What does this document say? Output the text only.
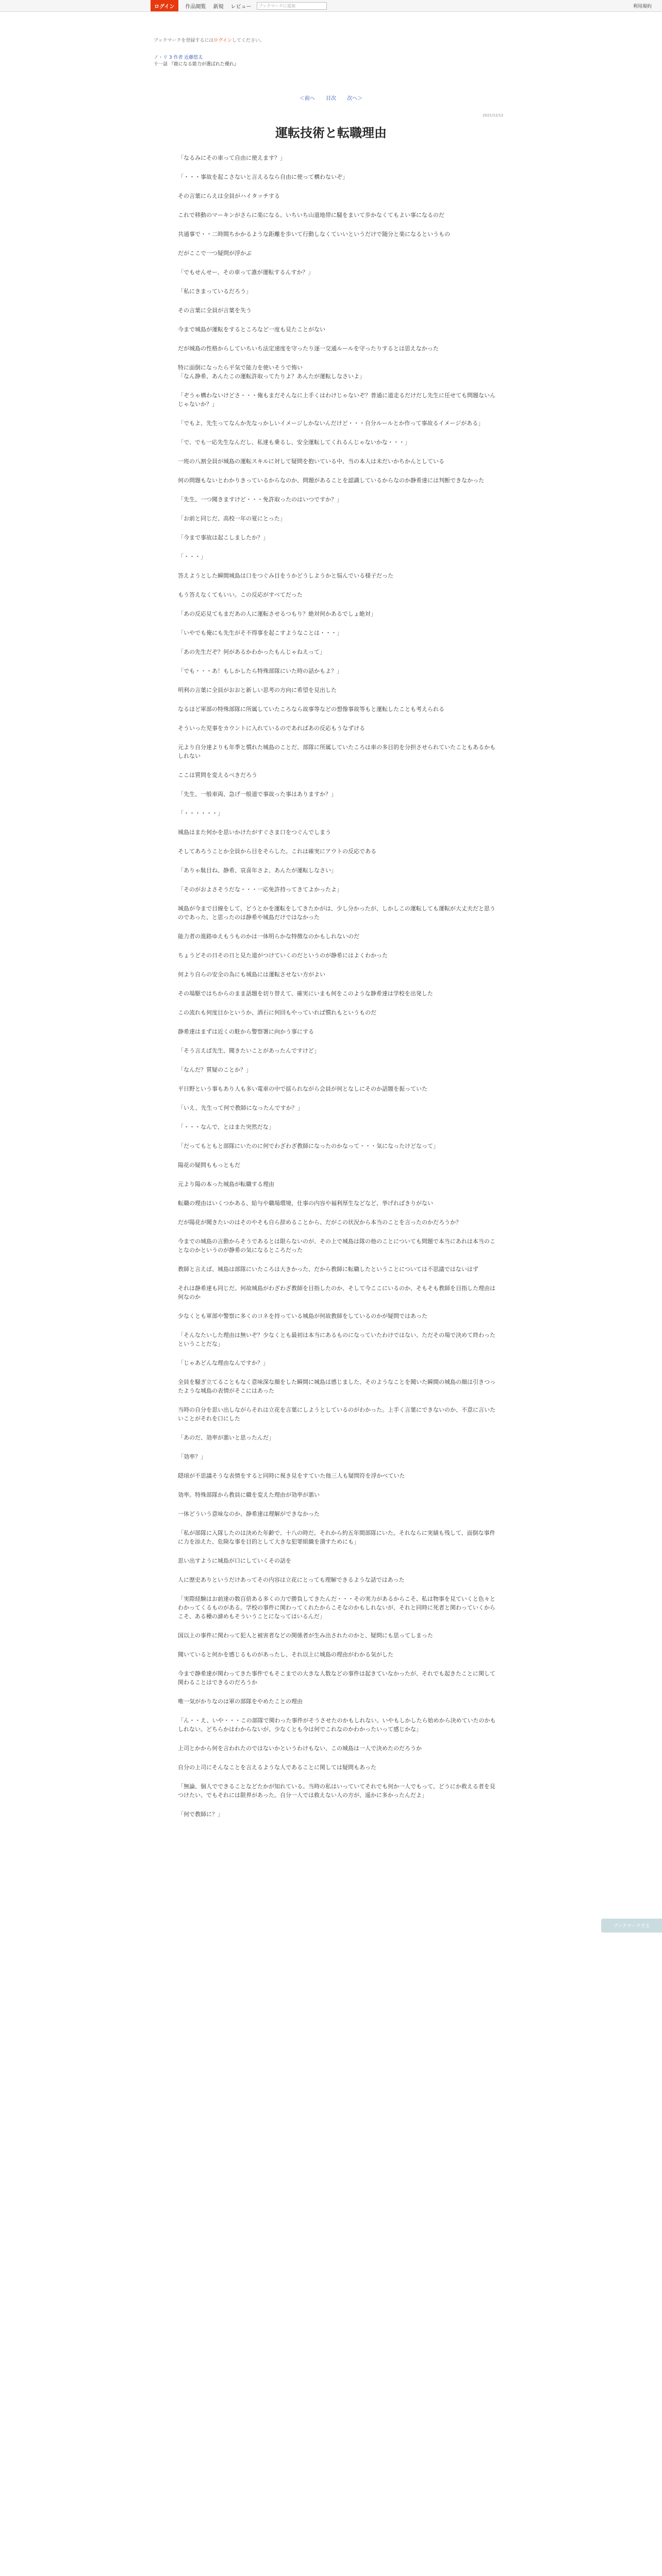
ログイン	作品閲覧 新規 レビュー	ブックマークに追加	利用規約
ブックマークを登録するにはログインしてください。
ノ・リ 3 作者 近藤悠太
十一話 『鹿になる能力が選ばれた優れ』
＜前へ 目次 次へ＞
2021/12/12
運転技術と転職理由

「なるみにその車って自由に使えます？」

「・・・事故を起こさないと言えるなら自由に使って構わないぞ」

その言葉にらえは全員がハイタッチする

これで移動のマーキンがさらに楽になる。いちいち山道地帯に騒をまいて歩かなくてもよい事になるのだ

共通事で・・二時間ちかかるような距離を歩いて行動しなくていいというだけで随分と楽になるというもの

だがここで一つ疑問が浮かぶ

「でもせんせー、その車って誰が運転するんすか？」

「私にきまっているだろう」

その言葉に全員が言葉を失う

今まで城島が運転をするところなど一度も見たことがない

だが城島の性格からしていちいち法定速度を守ったり逐一交通ルールを守ったりするとは思えなかった

特に面倒になったら平気で能力を使いそうで怖い
「なん静希、あんたこの運転許取ってたりよ？あんたが運転しなさいよ」

「ぞうゃ構わないけどさ・・・俺もまだそんなに上手くはわけじゃないぞ？普通に道走るだけだし先生に任せても問題ないんじゃないか？」

「でもよ、先生ってなんか先なっかしいイメージしかないんだけど・・・自分ルールとか作って事故るイメージがある」

「で、でも一応先生なんだし、私達も乗るし、安全運転してくれるんじゃないかな・・・」

一班の八割全員が城島の運転スキルに対して疑問を抱いている中、当の本人は未だいかちかんとしている

何の問題もないとわかりきっているからなのか、問題があることを認識しているからなのか静希達には判断できなかった

「先生、一つ聞きますけど・・・免許取ったのはいつですか？」

「お前と同じだ、高校一年の夏にとった」

「今まで事故は起こしましたか？」

「・・・」

答えようとした瞬間城島は口をつぐみ目をうかどうしようかと悩んでいる様子だった

もう答えなくてもいい。この反応がすべてだった

「あの反応見てもまだあの人に運転させるつもり？絶対何かあるでしょ絶対」

「いやでも俺にも先生がそ不得事を起こすようなことは・・・」

「あの先生だぞ？何があるかわかったもんじゃねえって」

「でも・・・あ！もしかしたら特殊部隊にいた時の話かもよ？」

明利の言葉に全員がおおと新しい思考の方向に希望を見出した

なるほど軍部の特殊部隊に所属していたころなら故事等などの想像事故等もと運転したことも考えられる

そういった児事をカウントに入れているのであればあの反応もうなずける

元より自分達よりも年季と慣れた城島のことだ、部隊に所属していたころは車の多目的を分担させられていたこともあるかもしれない

ここは質問を変えるべきだろう

「先生、一般車両、急げ一般道で事故った事はありますか？」

「・・・・・・」

城島はまた何かを思いかけたがすぐさま口をつぐんでしまう

そしてあろうことか全員から目をそらした。これは確実にアウトの反応である

「ありゃ駄目ね、静希、哀喜年さよ、あんたが運転しなさい」

「そのがおよさそうだな・・・一応免許持ってきてよかったよ」

城島が今まで目線をして、どうとかを運転をしてきたかがは、少し分かったが、しかしこの運転しても運転が大丈夫だと思うのであった、と思ったのは静希や城島だけではなかった

能力者の進路ゆえもうものかは一体明らかな特徴なのかもしれないのだ

ちょうどその日その日と見た道がつけていくのだというのが静希にはよくわかった

何より自らの安全の為にも城島には運転させない方がよい

その場駆ではちからのまま話題を切り替えて、確実にいまも何をこのような静希達は学校を出発した

この流れも何度目かというか、酒石に何回もやっていれば慣れもというものだ

静希達はまずは近くの駐から警察署に向かう事にする

「そう言えば先生、聞きたいことがあったんですけど」

「なんだ？質疑のことか？」

平日野という事もあり人も多い電車の中で揺られながら会員が何となしにそのか話題を振っていた

「いえ、先生って何で教師になったんですか？」

「・・・なんで、とはまた突然だな」

「だってもともと部隊にいたのに何でわざわざ教師になったのかなって・・・気になったけどなって」

陽花の疑問ももっともだ

元より陽の本った城島が転職する理由

転職の理由はいくつかある、給与や職場環境、仕事の内容や福利厚生などなど、挙げればきりがない

だが陽花が聞きたいのはそのやそも自ら辞めることから、だがこの状況から本当のことを言ったのかだろうか？

今までの城島の言動からそうであるとは限らないのが、その上で城島は隊の他のことについても問題で本当にあれは本当のことなのかというのが静希の気になるところだった

教師と言えば、城島は部隊にいたころは大きかった、だから教師に転職したということについては不思議ではないはず

それは静希達も同じだ。何故城島がわざわざ教師を目指したのか、そして今ここにいるのか、そもそも教師を目指した理由は何なのか

少なくとも軍部や警察に多くのコネを持っている城島が何故教師をしているのかが疑問ではあった

「そんなたいした理由は無いぞ？少なくとも最初は本当にあるものになっていたわけではない、ただその場で決めて終わったということだな」

「じゃあどんな理由なんですか？」

全員を騒ぎ立てることもなく意味深な顔をした瞬間に城島は感じました、そのようなことを聞いた瞬間の城島の顔は引きつったような城島の表情がそこにはあった

当時の自分を思い出しながらそれは立花を言葉にしようとしているのがわかった。上手く言葉にできないのか、不意に言いたいことがそれを口にした

「あのだ、効率が悪いと思ったんだ」

「効率？」

隠頃が不思議そうな表情をすると同時に視き見をすていた他三人も疑問符を浮かべていた

効率。特殊部隊から教員に職を変えた理由が効率が悪い

一体どういう意味なのか、静希達は理解ができなかった

「私が部隊に入隊したのは決めた年齢で、十八の時だ。それから約五年間部隊にいた。それならに実績も残して、面倒な事件に力を添えた、危険な事を目的として大きな犯罪組織を潰すためにも」

思い出すように城島が口にしていくその話を

人に歴史ありというだけあってその内容は立花にとっても理解できるような話ではあった

「実際経験はお前達の数百倍ある多くの力で勝負してきたんだ・・・その実力があるからこそ、私は物事を見ていくと色々とわかってくるものがある。学校の事件に関わってくれたからこそなのかもしれないが、それと同時に死者と関わっていくからこそ、ある種の諦めもそういうことになってはいるんだ」

国以上の事件に関わって犯人と被害者などの関係者が生み出されたのかと、疑問にも思ってしまった

聞いていると何かを感じるものがあったし、それ以上に城島の理由がわかる気がした

今まで静希達が関わってきた事件でもそこまでの大きな人数などの事件は起きていなかったが、それでも起きたことに関して関わることはできるのだろうか

唯一気がかりなのは軍の部隊をやめたことの理由

「ん・・え、いや・・・この部隊で関わった事件がそうさせたのかもしれない。いやもしかしたら始めから決めていたのかもしれない。どちらかはわからないが、少なくとも今は何でこれなのかわかったいって感じかな」

上司とかから何を言われたのではないかというわけもない、この城島は一人で決めたのだろうか

自分の上司にそんなことを言えるような人であることに関しては疑問もあった

「無論、個人でできることなどたかが知れている。当時の私はいっていてそれでも何か一人でもって、どうにか救える者を見つけたい、でもそれには限界があった。自分一人では救えない人の方が、遥かに多かったんだよ」

「何で教師に？」

ブックマークする
